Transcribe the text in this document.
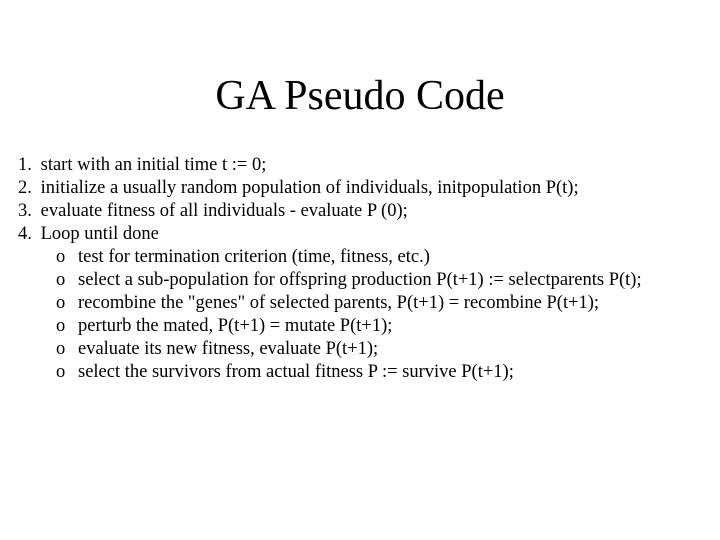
GA Pseudo Code
1. start with an initial time t := 0;
2. initialize a usually random population of individuals, initpopulation P(t);
3. evaluate fitness of all individuals - evaluate P (0);
4. Loop until done
o test for termination criterion (time, fitness, etc.)
o select a sub-population for offspring production P(t+1) := selectparents P(t);
o recombine the "genes" of selected parents, P(t+1) = recombine P(t+1);
o perturb the mated, P(t+1) = mutate P(t+1);
o evaluate its new fitness, evaluate P(t+1);
o select the survivors from actual fitness P := survive P(t+1);
